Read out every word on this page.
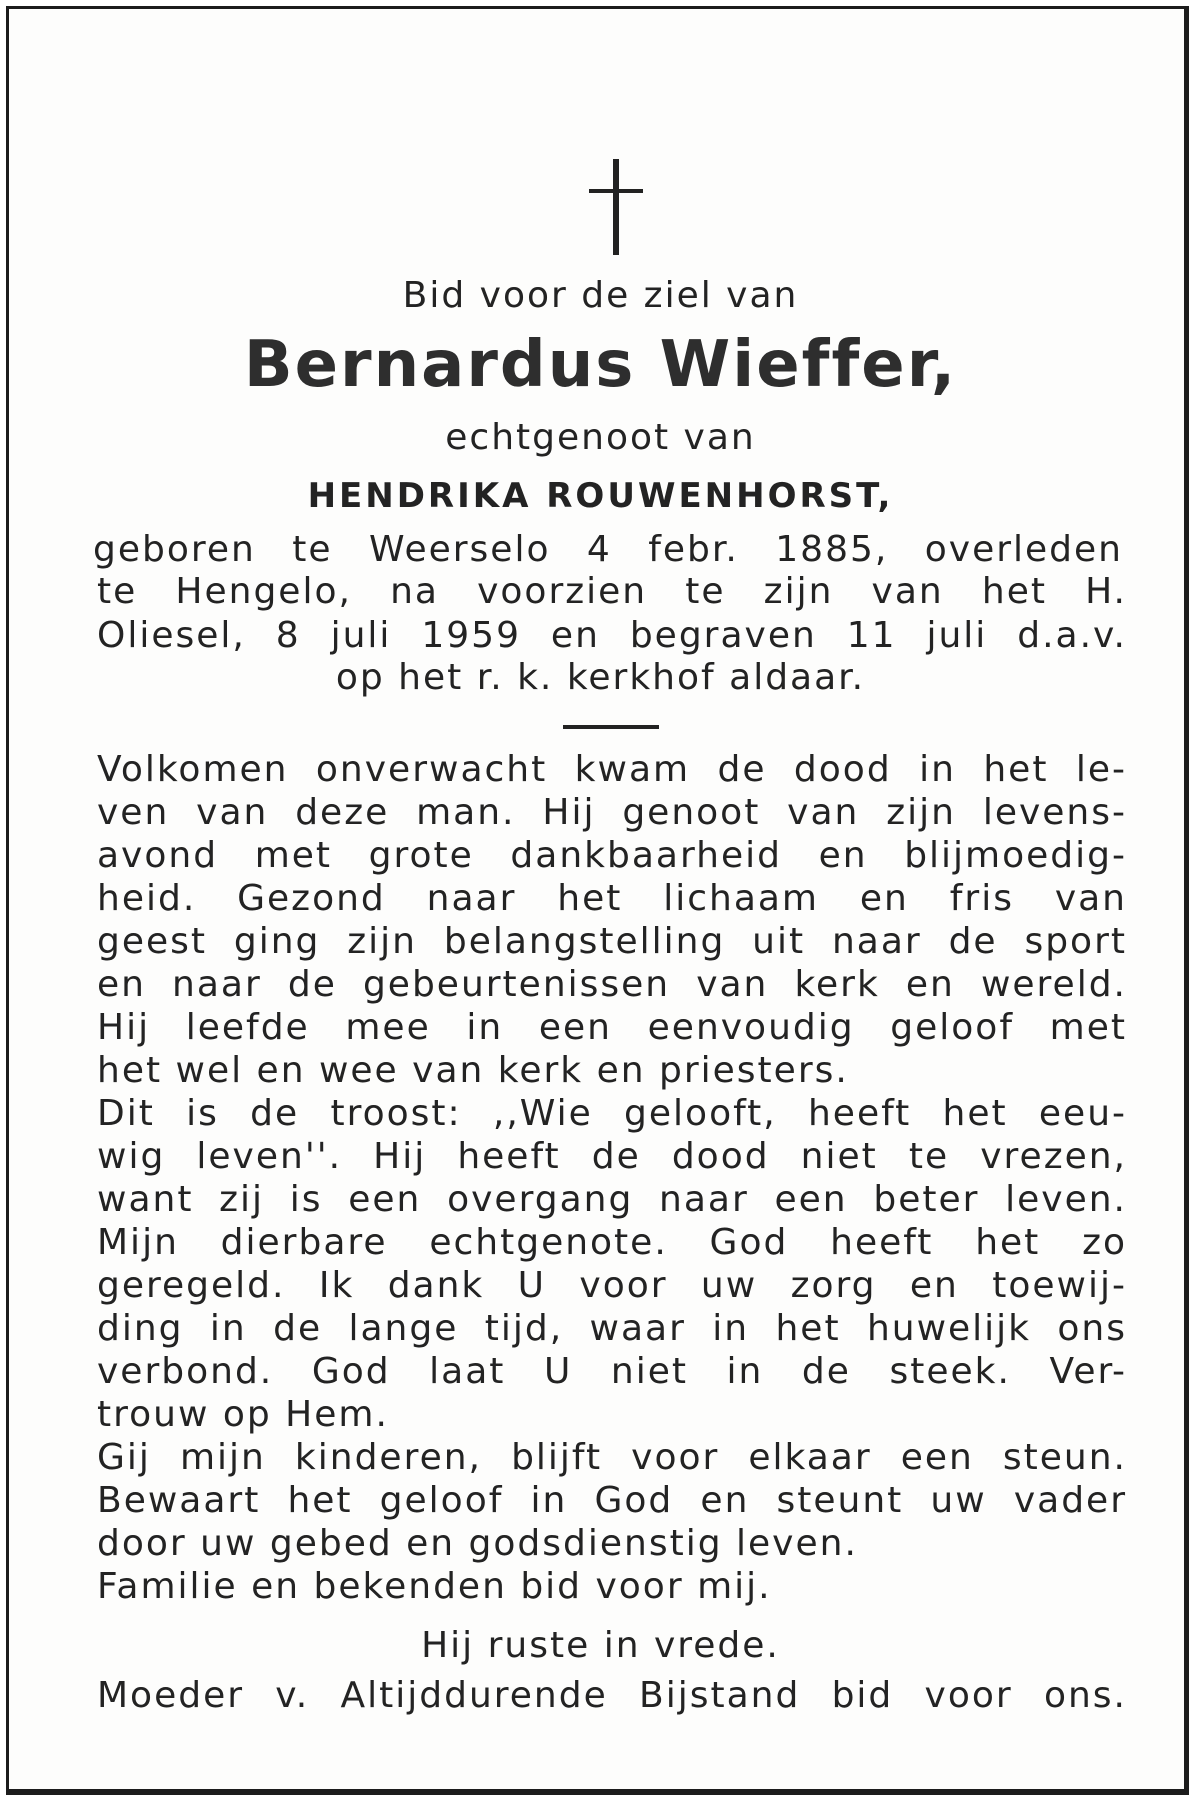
Bid voor de ziel van
Bernardus Wieffer,
echtgenoot van
HENDRIKA ROUWENHORST,
geboren te Weerselo 4 febr. 1885, overleden
te Hengelo, na voorzien te zijn van het H.
Oliesel, 8 juli 1959 en begraven 11 juli d.a.v.
op het r. k. kerkhof aldaar.
Volkomen onverwacht kwam de dood in het le-
ven van deze man. Hij genoot van zijn levens-
avond met grote dankbaarheid en blijmoedig-
heid. Gezond naar het lichaam en fris van
geest ging zijn belangstelling uit naar de sport
en naar de gebeurtenissen van kerk en wereld.
Hij leefde mee in een eenvoudig geloof met
het wel en wee van kerk en priesters.
Dit is de troost: ,,Wie gelooft, heeft het eeu-
wig leven''. Hij heeft de dood niet te vrezen,
want zij is een overgang naar een beter leven.
Mijn dierbare echtgenote. God heeft het zo
geregeld. Ik dank U voor uw zorg en toewij-
ding in de lange tijd, waar in het huwelijk ons
verbond. God laat U niet in de steek. Ver-
trouw op Hem.
Gij mijn kinderen, blijft voor elkaar een steun.
Bewaart het geloof in God en steunt uw vader
door uw gebed en godsdienstig leven.
Familie en bekenden bid voor mij.
Hij ruste in vrede.
Moeder v. Altijddurende Bijstand bid voor ons.
